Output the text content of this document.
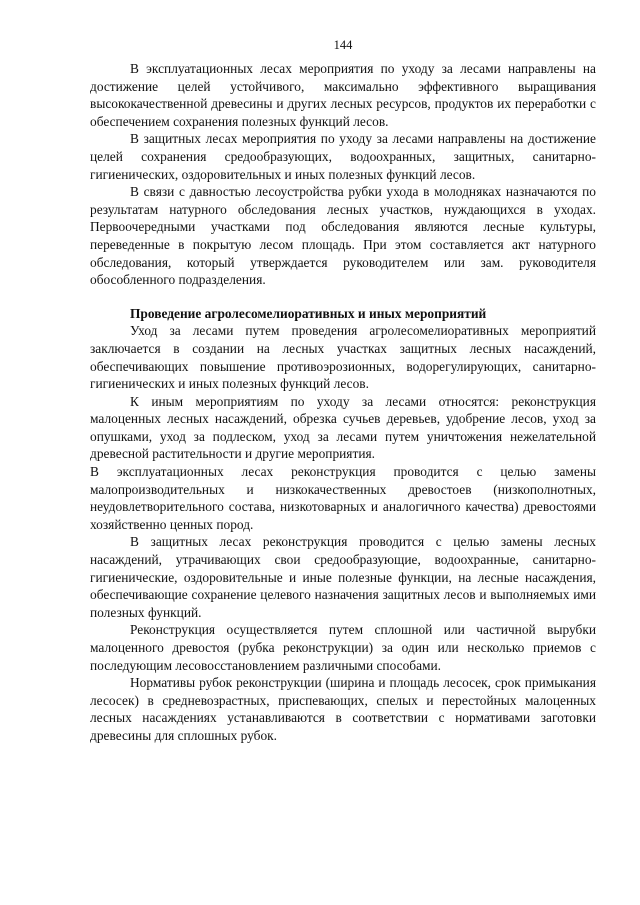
144

В эксплуатационных лесах мероприятия по уходу за лесами направлены на достижение целей устойчивого, максимально эффективного выращивания высококачественной древесины и других лесных ресурсов, продуктов их переработки с обеспечением сохранения полезных функций лесов.

В защитных лесах мероприятия по уходу за лесами направлены на достижение целей сохранения средообразующих, водоохранных, защитных, санитарно-гигиенических, оздоровительных и иных полезных функций лесов.

В связи с давностью лесоустройства рубки ухода в молодняках назначаются по результатам натурного обследования лесных участков, нуждающихся в уходах. Первоочередными участками под обследования являются лесные культуры, переведенные в покрытую лесом площадь. При этом составляется акт натурного обследования, который утверждается руководителем или зам. руководителя обособленного подразделения.

Проведение агролесомелиоративных и иных мероприятий

Уход за лесами путем проведения агролесомелиоративных мероприятий заключается в создании на лесных участках защитных лесных насаждений, обеспечивающих повышение противоэрозионных, водорегулирующих, санитарно-гигиенических и иных полезных функций лесов.

К иным мероприятиям по уходу за лесами относятся: реконструкция малоценных лесных насаждений, обрезка сучьев деревьев, удобрение лесов, уход за опушками, уход за подлеском, уход за лесами путем уничтожения нежелательной древесной растительности и другие мероприятия.

В эксплуатационных лесах реконструкция проводится с целью замены малопроизводительных и низкокачественных древостоев (низкополнотных, неудовлетворительного состава, низкотоварных и аналогичного качества) древостоями хозяйственно ценных пород.

В защитных лесах реконструкция проводится с целью замены лесных насаждений, утрачивающих свои средообразующие, водоохранные, санитарно-гигиенические, оздоровительные и иные полезные функции, на лесные насаждения, обеспечивающие сохранение целевого назначения защитных лесов и выполняемых ими полезных функций.

Реконструкция осуществляется путем сплошной или частичной вырубки малоценного древостоя (рубка реконструкции) за один или несколько приемов с последующим лесовосстановлением различными способами.

Нормативы рубок реконструкции (ширина и площадь лесосек, срок примыкания лесосек) в средневозрастных, приспевающих, спелых и перестойных малоценных лесных насаждениях устанавливаются в соответствии с нормативами заготовки древесины для сплошных рубок.
